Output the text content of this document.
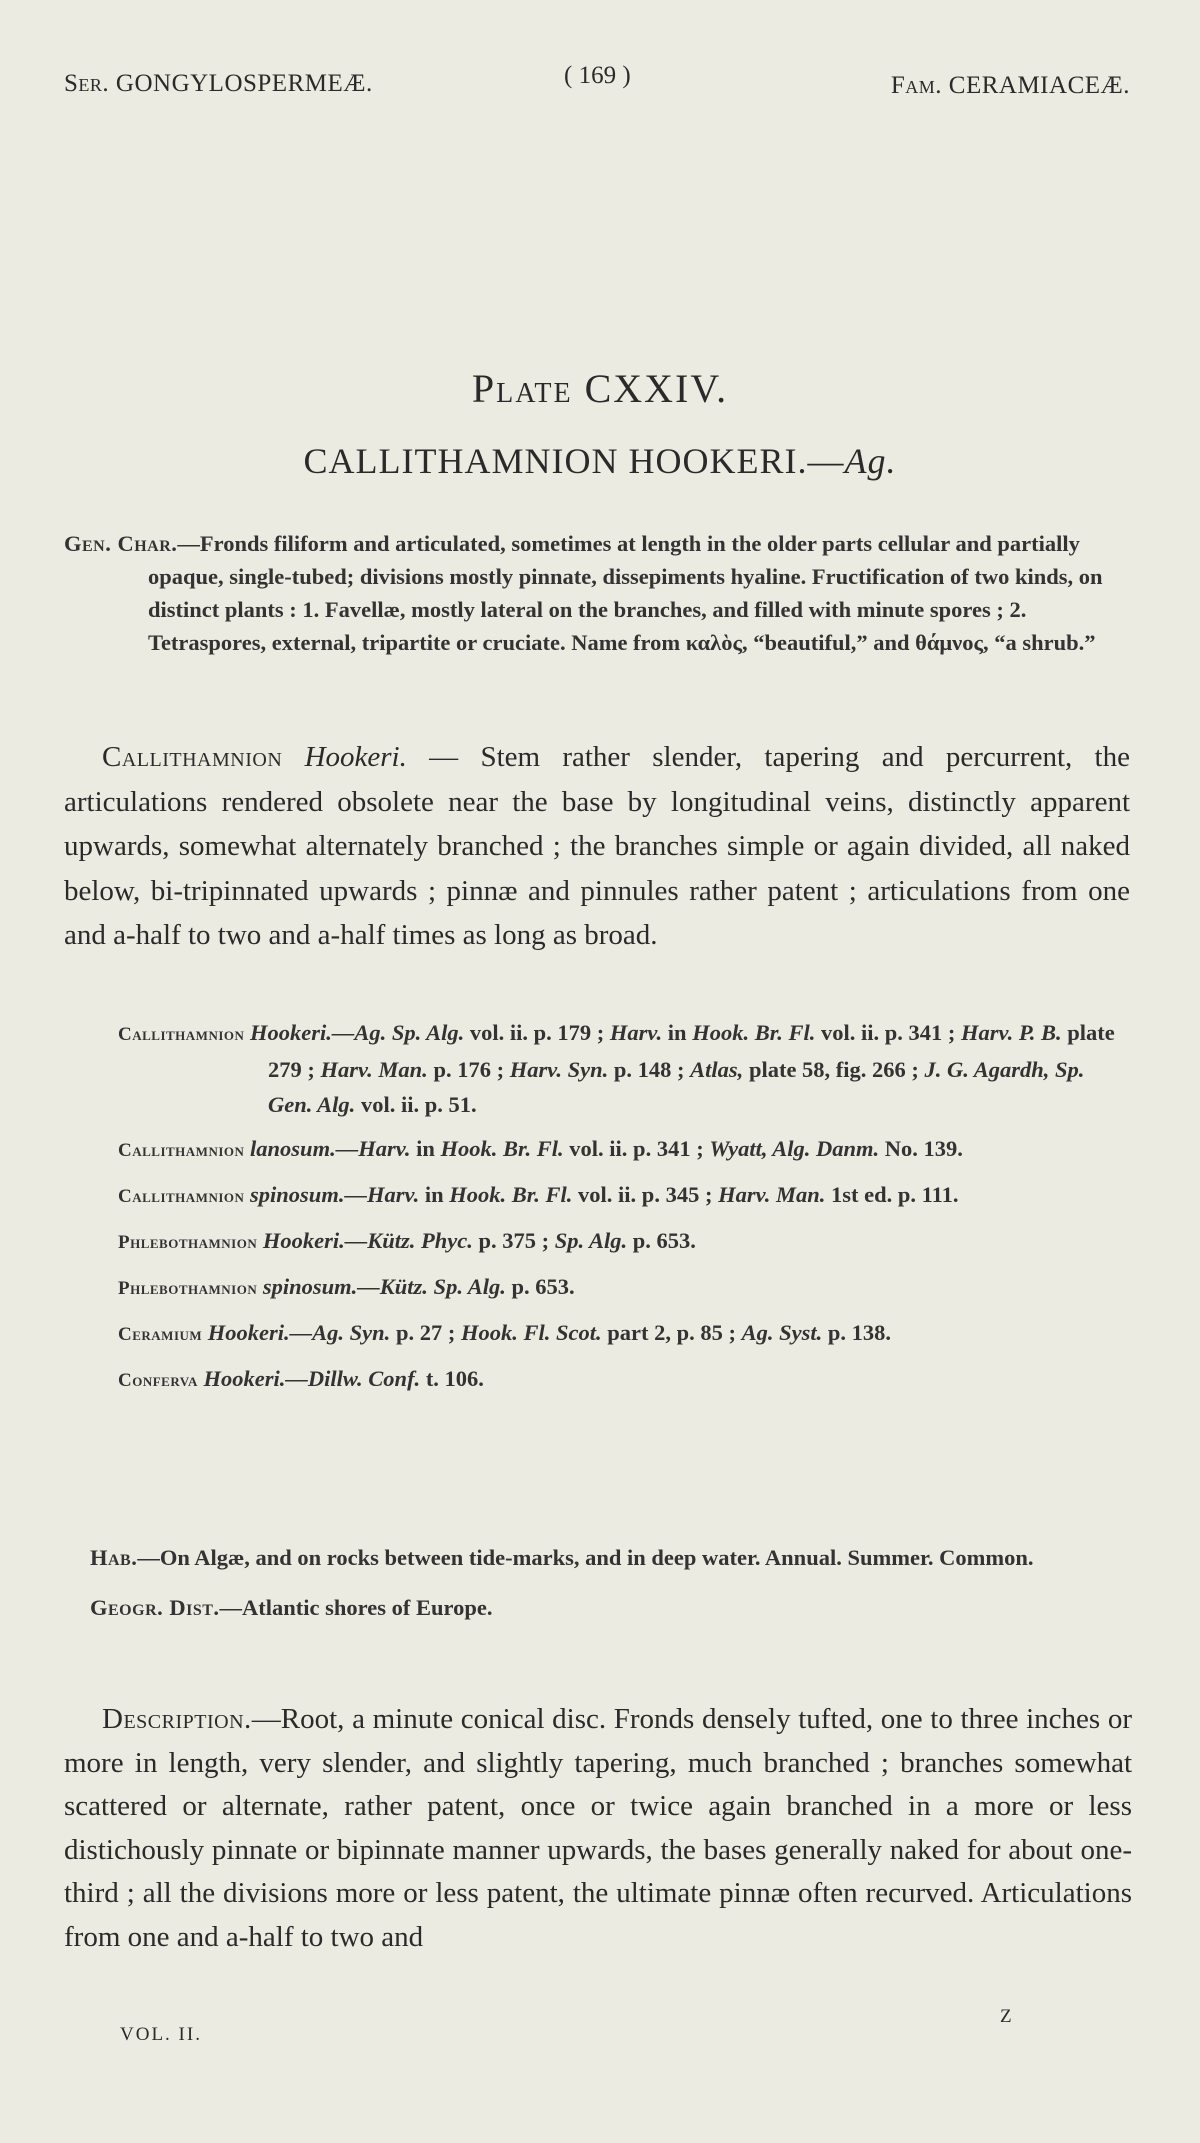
Ser. GONGYLOSPERMEÆ.	( 169 )	Fam. CERAMIACEÆ.
Plate CXXIV.
CALLITHAMNION HOOKERI.—Ag.
Gen. Char.—Fronds filiform and articulated, sometimes at length in the older parts cellular and partially opaque, single-tubed; divisions mostly pinnate, dissepiments hyaline. Fructification of two kinds, on distinct plants : 1. Favellæ, mostly lateral on the branches, and filled with minute spores ; 2. Tetraspores, external, tripartite or cruciate. Name from καλὸς, “beautiful,” and θάμνος, “a shrub.”
Callithamnion Hookeri. — Stem rather slender, tapering and percurrent, the articulations rendered obsolete near the base by longitudinal veins, distinctly apparent upwards, somewhat alternately branched ; the branches simple or again divided, all naked below, bi-tripinnated upwards ; pinnæ and pinnules rather patent ; articulations from one and a-half to two and a-half times as long as broad.

Callithamnion Hookeri.—Ag. Sp. Alg. vol. ii. p. 179 ; Harv. in Hook. Br. Fl. vol. ii. p. 341 ; Harv. P. B. plate 279 ; Harv. Man. p. 176 ; Harv. Syn. p. 148 ; Atlas, plate 58, fig. 266 ; J. G. Agardh, Sp. Gen. Alg. vol. ii. p. 51.

Callithamnion lanosum.—Harv. in Hook. Br. Fl. vol. ii. p. 341 ; Wyatt, Alg. Danm. No. 139.

Callithamnion spinosum.—Harv. in Hook. Br. Fl. vol. ii. p. 345 ; Harv. Man. 1st ed. p. 111.

Phlebothamnion Hookeri.—Kütz. Phyc. p. 375 ; Sp. Alg. p. 653.

Phlebothamnion spinosum.—Kütz. Sp. Alg. p. 653.

Ceramium Hookeri.—Ag. Syn. p. 27 ; Hook. Fl. Scot. part 2, p. 85 ; Ag. Syst. p. 138.

Conferva Hookeri.—Dillw. Conf. t. 106.

Hab.—On Algæ, and on rocks between tide-marks, and in deep water. Annual. Summer. Common.

Geogr. Dist.—Atlantic shores of Europe.

Description.—Root, a minute conical disc. Fronds densely tufted, one to three inches or more in length, very slender, and slightly tapering, much branched ; branches somewhat scattered or alternate, rather patent, once or twice again branched in a more or less distichously pinnate or bipinnate manner upwards, the bases generally naked for about one-third ; all the divisions more or less patent, the ultimate pinnæ often recurved. Articulations from one and a-half to two and
VOL. II.
Z
